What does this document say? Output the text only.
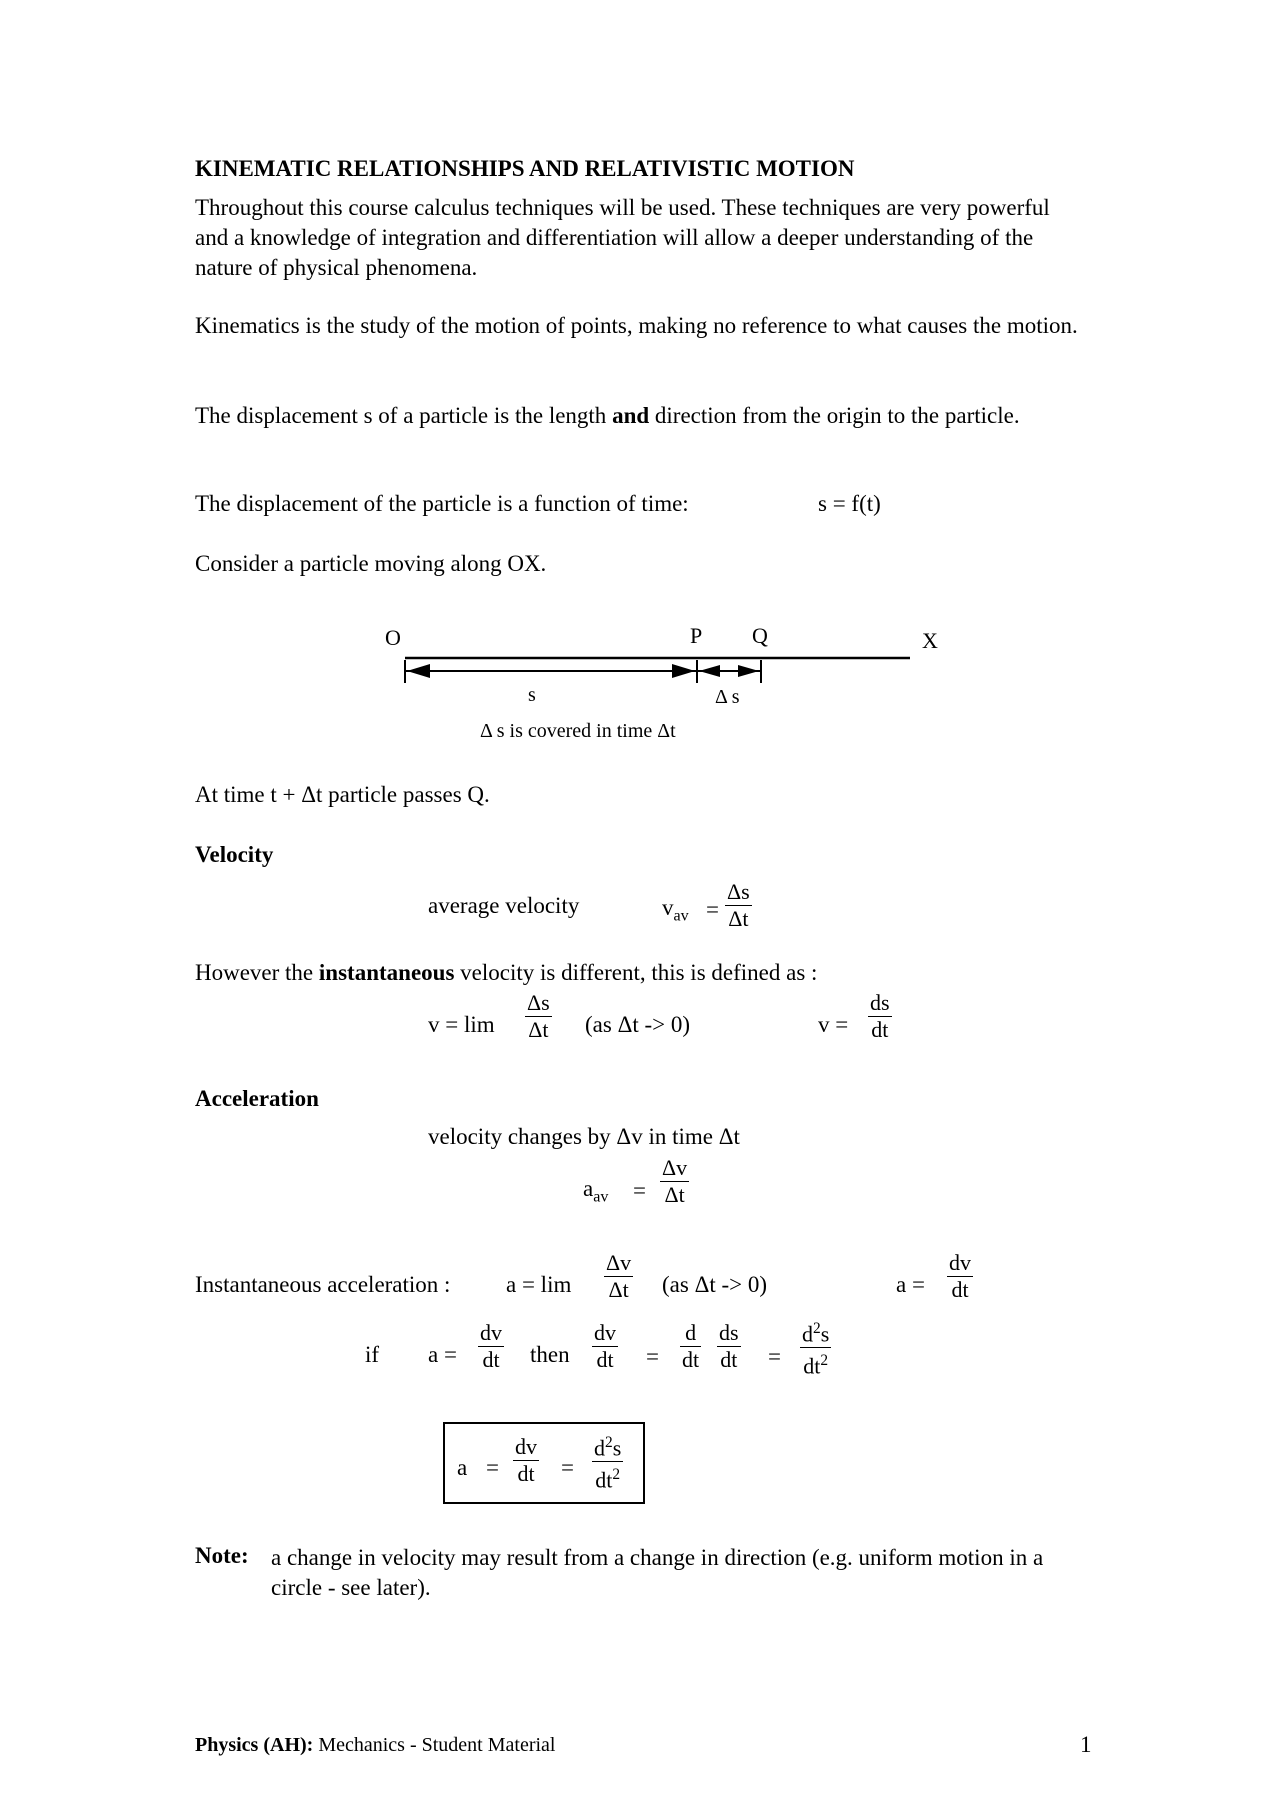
KINEMATIC RELATIONSHIPS AND RELATIVISTIC MOTION
Throughout this course calculus techniques will be used. These techniques are very powerful and a knowledge of integration and differentiation will allow a deeper understanding of the nature of physical phenomena.
Kinematics is the study of the motion of points, making no reference to what causes the motion.
The displacement s of a particle is the length and direction from the origin to the particle.
The displacement of the particle is a function of time:	s = f(t)
Consider a particle moving along OX.
O	P Q	X
s	Δ s
Δ s is covered in time Δt
At time t + Δt particle passes Q.
Velocity
average velocity	$v_{av} = \frac{\Delta s}{\Delta t}$
However the instantaneous velocity is different, this is defined as :
$v = \lim \frac{\Delta s}{\Delta t} (as$ Δt -> 0)	$v = \frac{ds}{dt}$
Acceleration
velocity changes by Δv in time Δt
$a_{av} = \frac{\Delta v}{\Delta t}$
Instantaneous acceleration : $a = \lim \frac{\Delta v}{\Delta t} (as$ Δt -> 0)	$a = \frac{dv}{dt}$
if $a = \frac{dv}{dt}$ then $\frac{dv}{dt} = \frac{d}{dt} \frac{ds}{dt} = \frac{d^2s}{dt^2}$
$a = \frac{dv}{dt} = \frac{d^2s}{dt^2}$
Note: a change in velocity may result from a change in direction (e.g. uniform motion in a circle - see later).
Physics (AH): Mechanics - Student Material	1
